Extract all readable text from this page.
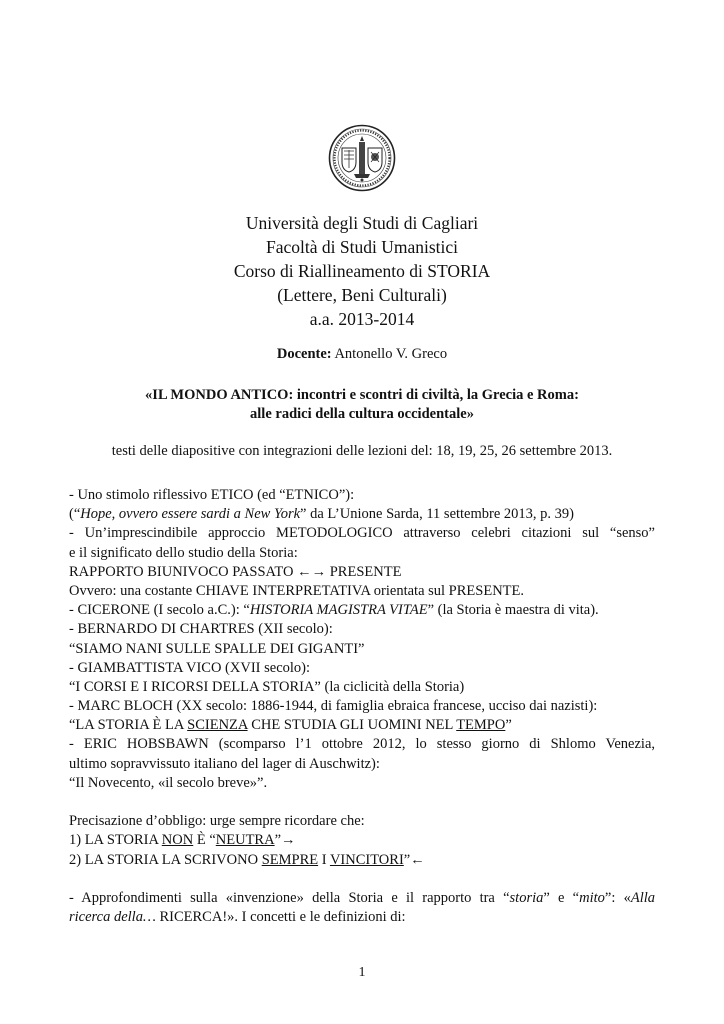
Università degli Studi di Cagliari
Facoltà di Studi Umanistici
Corso di Riallineamento di STORIA
(Lettere, Beni Culturali)
a.a. 2013-2014
Docente: Antonello V. Greco
«IL MONDO ANTICO: incontri e scontri di civiltà, la Grecia e Roma:
alle radici della cultura occidentale»
testi delle diapositive con integrazioni delle lezioni del: 18, 19, 25, 26 settembre 2013.
- Uno stimolo riflessivo ETICO (ed “ETNICO”):
(“Hope, ovvero essere sardi a New York” da L’Unione Sarda, 11 settembre 2013, p. 39)
- Un’imprescindibile approccio METODOLOGICO attraverso celebri citazioni sul “senso”
e il significato dello studio della Storia:
RAPPORTO BIUNIVOCO PASSATO ←→ PRESENTE
Ovvero: una costante CHIAVE INTERPRETATIVA orientata sul PRESENTE.
- CICERONE (I secolo a.C.): “HISTORIA MAGISTRA VITAE” (la Storia è maestra di vita).
- BERNARDO DI CHARTRES (XII secolo):
“SIAMO NANI SULLE SPALLE DEI GIGANTI”
- GIAMBATTISTA VICO (XVII secolo):
“I CORSI E I RICORSI DELLA STORIA” (la ciclicità della Storia)
- MARC BLOCH (XX secolo: 1886-1944, di famiglia ebraica francese, ucciso dai nazisti):
“LA STORIA È LA SCIENZA CHE STUDIA GLI UOMINI NEL TEMPO”
- ERIC HOBSBAWN (scomparso l’1 ottobre 2012, lo stesso giorno di Shlomo Venezia,
ultimo sopravvissuto italiano del lager di Auschwitz):
“Il Novecento, «il secolo breve»”.
Precisazione d’obbligo: urge sempre ricordare che:
1) LA STORIA NON È “NEUTRA”→
2) LA STORIA LA SCRIVONO SEMPRE I VINCITORI”←
- Approfondimenti sulla «invenzione» della Storia e il rapporto tra “storia” e “mito”: «Alla
ricerca della… RICERCA!». I concetti e le definizioni di:
1
